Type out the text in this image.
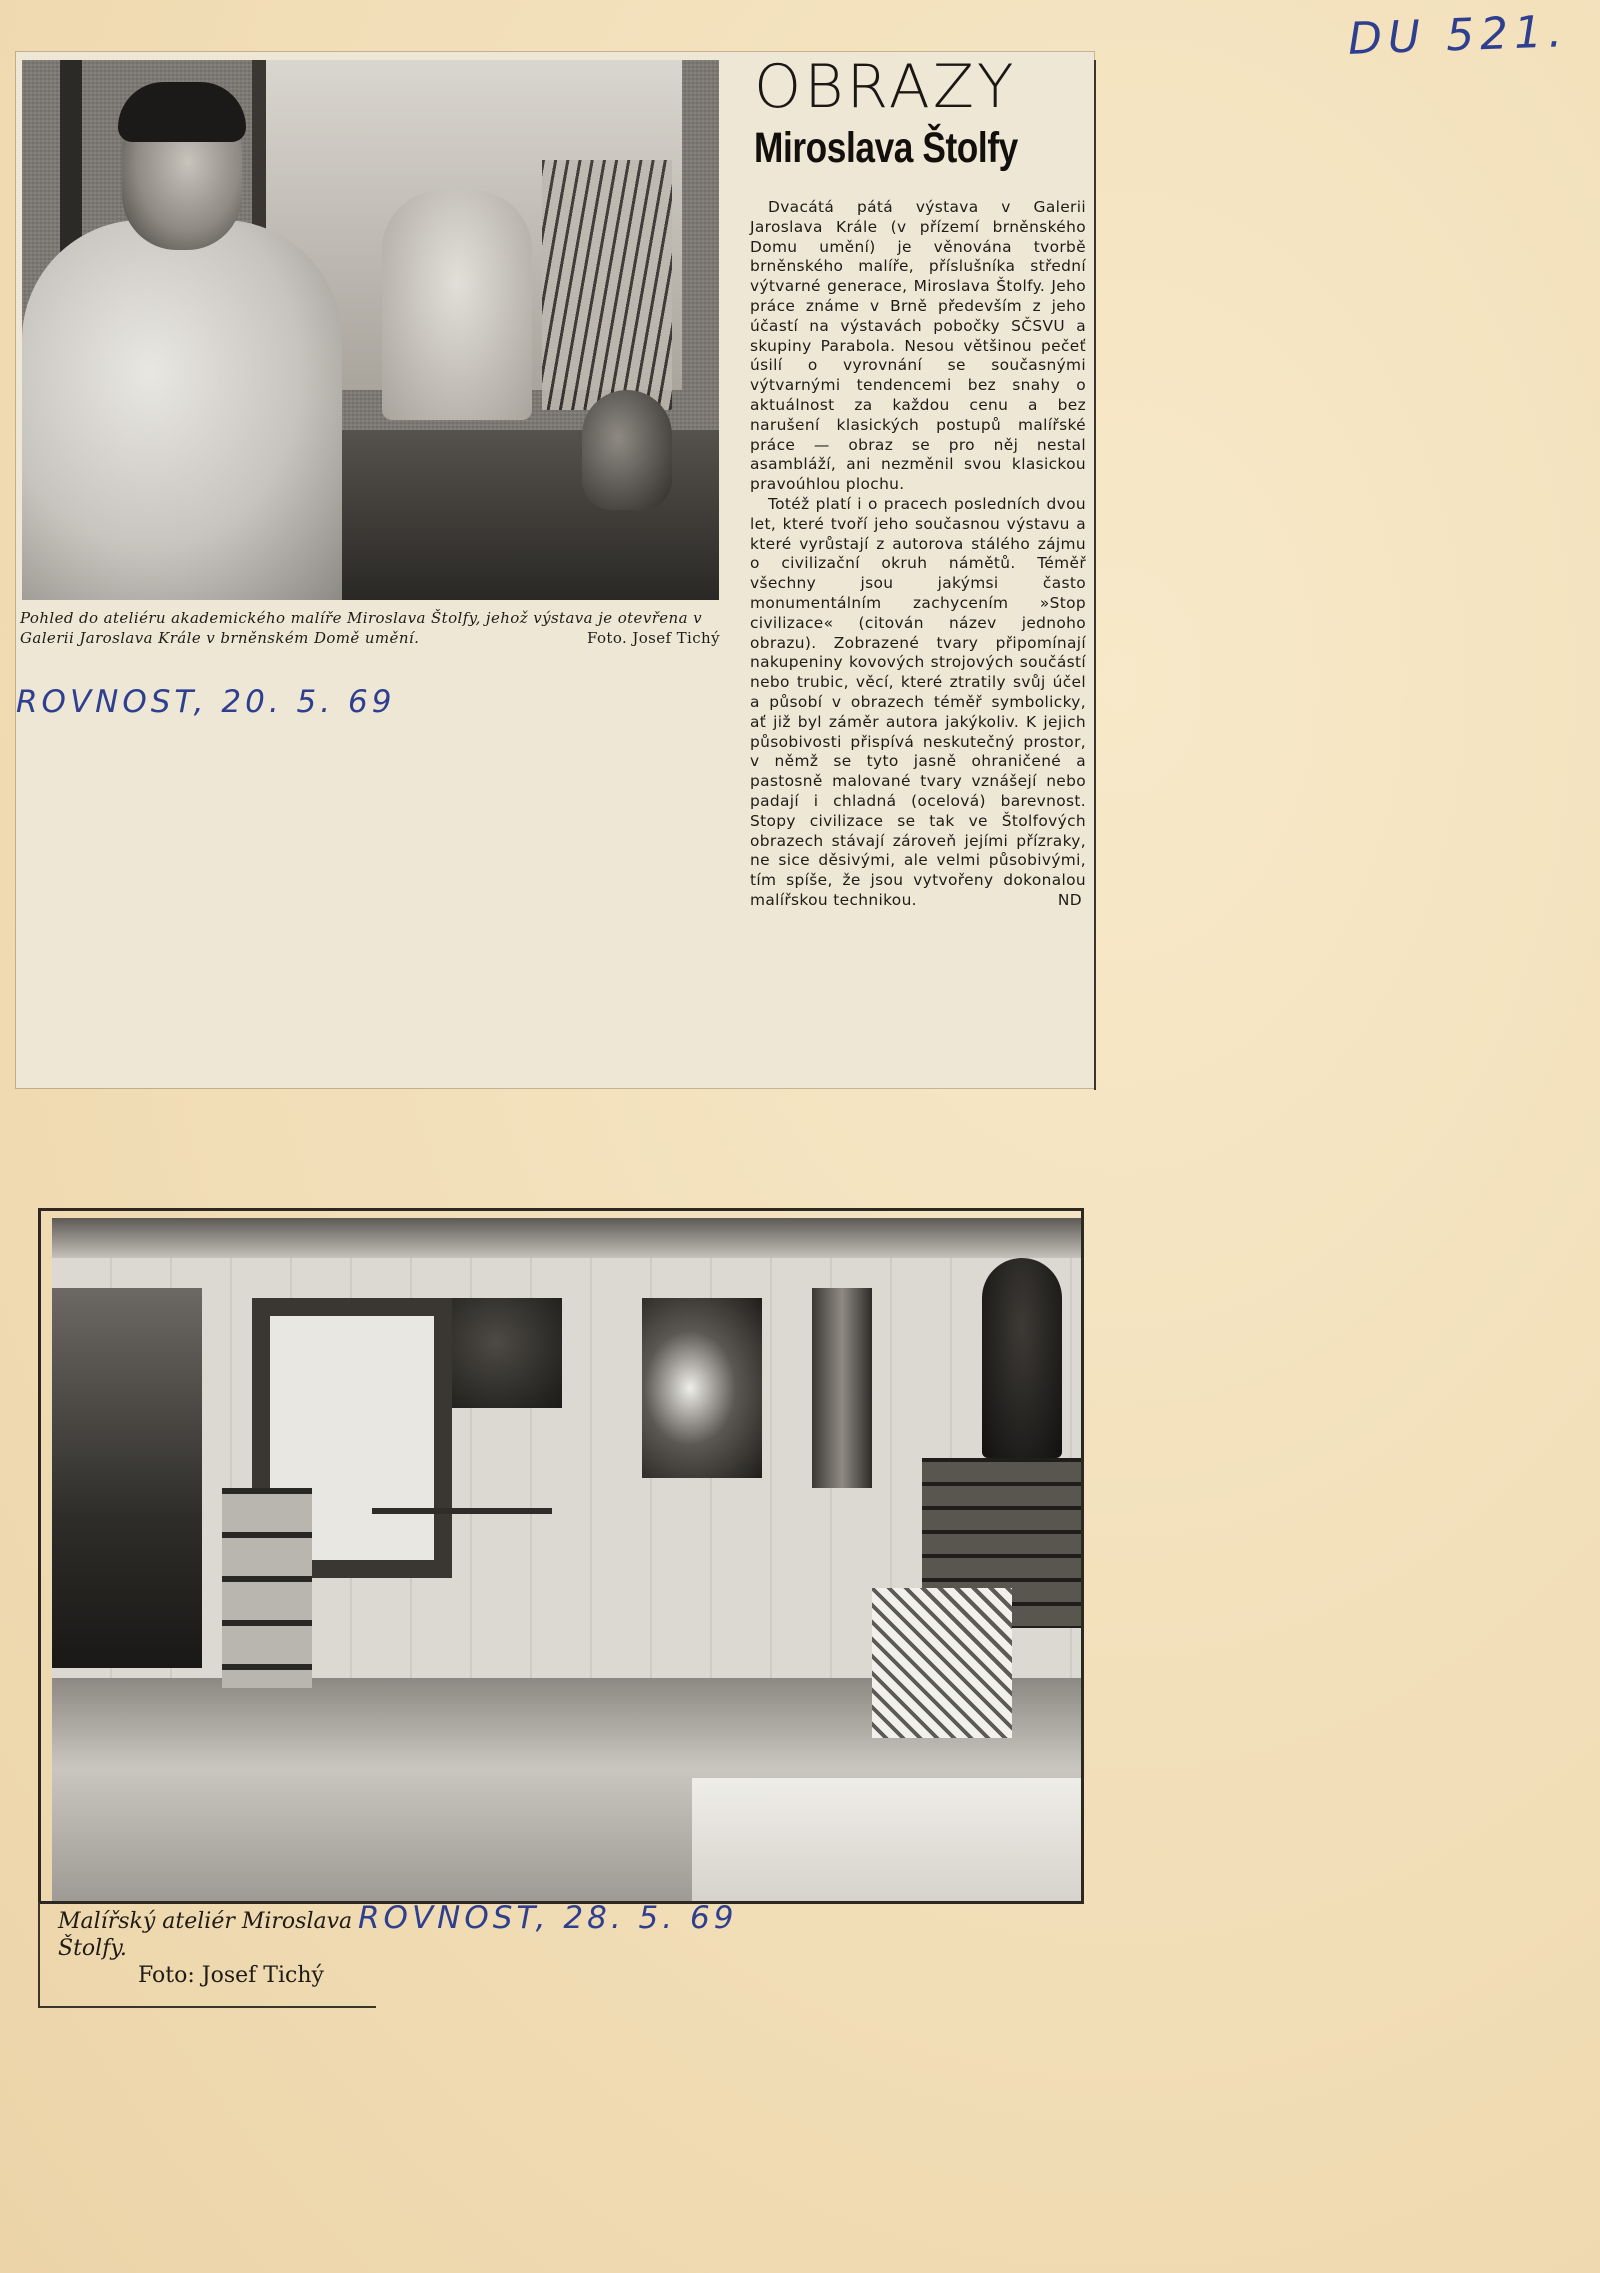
DU 521.
Pohled do ateliéru akademického malíře Miroslava Štolfy, jehož výstava je otevřena v Galerii Jaroslava Krále v brněnském Domě umění.	Foto. Josef Tichý
ROVNOST, 20. 5. 69
OBRAZY
Miroslava Štolfy

Dvacátá pátá výstava v Galerii Jaroslava Krále (v přízemí brněnského Domu umění) je věnována tvorbě brněnského malíře, příslušníka střední výtvarné generace, Miroslava Štolfy. Jeho práce známe v Brně především z jeho účastí na výstavách pobočky SČSVU a skupiny Parabola. Nesou většinou pečeť úsilí o vyrovnání se současnými výtvarnými tendencemi bez snahy o aktuálnost za každou cenu a bez narušení klasických postupů malířské práce — obraz se pro něj nestal asambláží, ani nezměnil svou klasickou pravoúhlou plochu.

Totéž platí i o pracech posledních dvou let, které tvoří jeho současnou výstavu a které vyrůstají z autorova stálého zájmu o civilizační okruh námětů. Téměř všechny jsou jakýmsi často monumentálním zachycením »Stop civilizace« (citován název jednoho obrazu). Zobrazené tvary připomínají nakupeniny kovových strojových součástí nebo trubic, věcí, které ztratily svůj účel a působí v obrazech téměř symbolicky, ať již byl záměr autora jakýkoliv. K jejich působivosti přispívá neskutečný prostor, v němž se tyto jasně ohraničené a pastosně malované tvary vznášejí nebo padají i chladná (ocelová) barevnost. Stopy civilizace se tak ve Štolfových obrazech stávají zároveň jejími přízraky, ne sice děsivými, ale velmi působivými, tím spíše, že jsou vytvořeny dokonalou malířskou technikou.	ND

Malířský ateliér Miroslava Štolfy.
Foto: Josef Tichý
ROVNOST, 28. 5. 69
